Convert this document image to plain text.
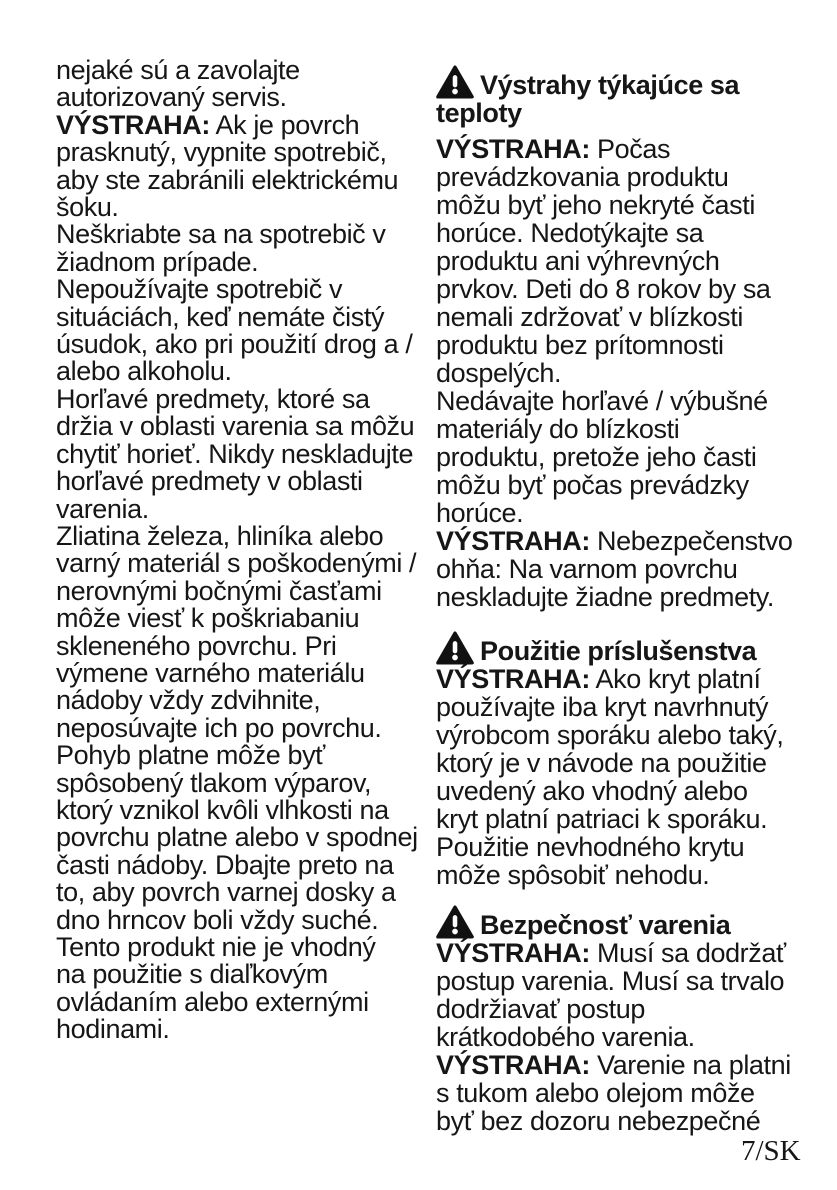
nejaké sú a zavolajte
autorizovaný servis.
VÝSTRAHA: Ak je povrch
prasknutý, vypnite spotrebič,
aby ste zabránili elektrickému
šoku.
Neškriabte sa na spotrebič v
žiadnom prípade.
Nepoužívajte spotrebič v
situáciách, keď nemáte čistý
úsudok, ako pri použití drog a /
alebo alkoholu.
Horľavé predmety, ktoré sa
držia v oblasti varenia sa môžu
chytiť horieť. Nikdy neskladujte
horľavé predmety v oblasti
varenia.
Zliatina železa, hliníka alebo
varný materiál s poškodenými /
nerovnými bočnými časťami
môže viesť k poškriabaniu
skleneného povrchu. Pri
výmene varného materiálu
nádoby vždy zdvihnite,
neposúvajte ich po povrchu.
Pohyb platne môže byť
spôsobený tlakom výparov,
ktorý vznikol kvôli vlhkosti na
povrchu platne alebo v spodnej
časti nádoby. Dbajte preto na
to, aby povrch varnej dosky a
dno hrncov boli vždy suché.
Tento produkt nie je vhodný
na použitie s diaľkovým
ovládaním alebo externými
hodinami.
Výstrahy týkajúce sa
teploty
VÝSTRAHA: Počas
prevádzkovania produktu
môžu byť jeho nekryté časti
horúce. Nedotýkajte sa
produktu ani výhrevných
prvkov. Deti do 8 rokov by sa
nemali zdržovať v blízkosti
produktu bez prítomnosti
dospelých.
Nedávajte horľavé / výbušné
materiály do blízkosti
produktu, pretože jeho časti
môžu byť počas prevádzky
horúce.
VÝSTRAHA: Nebezpečenstvo
ohňa: Na varnom povrchu
neskladujte žiadne predmety.
Použitie príslušenstva
VÝSTRAHA: Ako kryt platní
používajte iba kryt navrhnutý
výrobcom sporáku alebo taký,
ktorý je v návode na použitie
uvedený ako vhodný alebo
kryt platní patriaci k sporáku.
Použitie nevhodného krytu
môže spôsobiť nehodu.
Bezpečnosť varenia
VÝSTRAHA: Musí sa dodržať
postup varenia. Musí sa trvalo
dodržiavať postup
krátkodobého varenia.
VÝSTRAHA: Varenie na platni
s tukom alebo olejom môže
byť bez dozoru nebezpečné
7/SK
